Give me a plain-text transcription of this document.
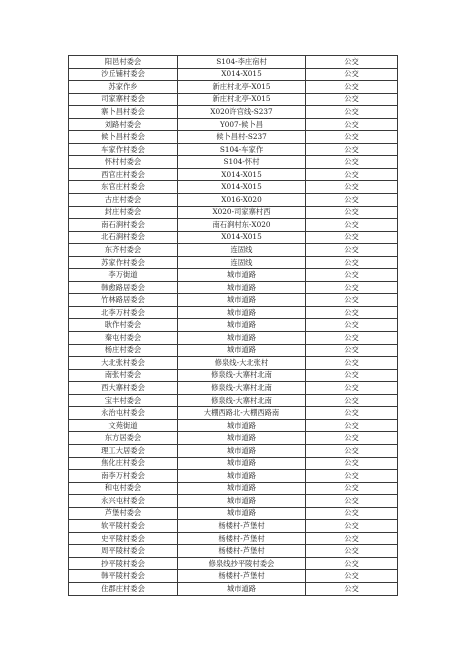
阳邑村委会	S104-李庄宿村	公交
沙丘铺村委会	X014-X015	公交
苏家作乡	新庄村北亭-X015	公交
司家寨村委会	新庄村北亭-X015	公交
寨卜昌村委会	X020许官线-S237	公交
刘路村委会	Y007-候卜昌	公交
候卜昌村委会	候卜昌村-S237	公交
车家作村委会	S104-车家作	公交
怀村村委会	S104-怀村	公交
西官庄村委会	X014-X015	公交
东官庄村委会	X014-X015	公交
古庄村委会	X016-X020	公交
封庄村委会	X020-司家寨村西	公交
南石涧村委会	南石涧村东-X020	公交
北石涧村委会	X014-X015	公交
东齐村委会	连固线	公交
苏家作村委会	连固线	公交
李万街道	城市道路	公交
韩愈路居委会	城市道路	公交
竹林路居委会	城市道路	公交
北李万村委会	城市道路	公交
耿作村委会	城市道路	公交
秦屯村委会	城市道路	公交
杨庄村委会	城市道路	公交
大北张村委会	修泉线-大北张村	公交
南张村委会	修泉线-大寨村北南	公交
西大寨村委会	修泉线-大寨村北南	公交
宝丰村委会	修泉线-大寨村北南	公交
永治屯村委会	大棚西路北-大棚西路南	公交
文苑街道	城市道路	公交
东方居委会	城市道路	公交
理工大居委会	城市道路	公交
焦化庄村委会	城市道路	公交
南李万村委会	城市道路	公交
和屯村委会	城市道路	公交
永兴屯村委会	城市道路	公交
芦堡村委会	城市道路	公交
软平陵村委会	杨楼村-芦堡村	公交
史平陵村委会	杨楼村-芦堡村	公交
周平陵村委会	杨楼村-芦堡村	公交
抄平陵村委会	修泉线抄平陵村委会	公交
韩平陵村委会	杨楼村-芦堡村	公交
住郡庄村委会	城市道路	公交
